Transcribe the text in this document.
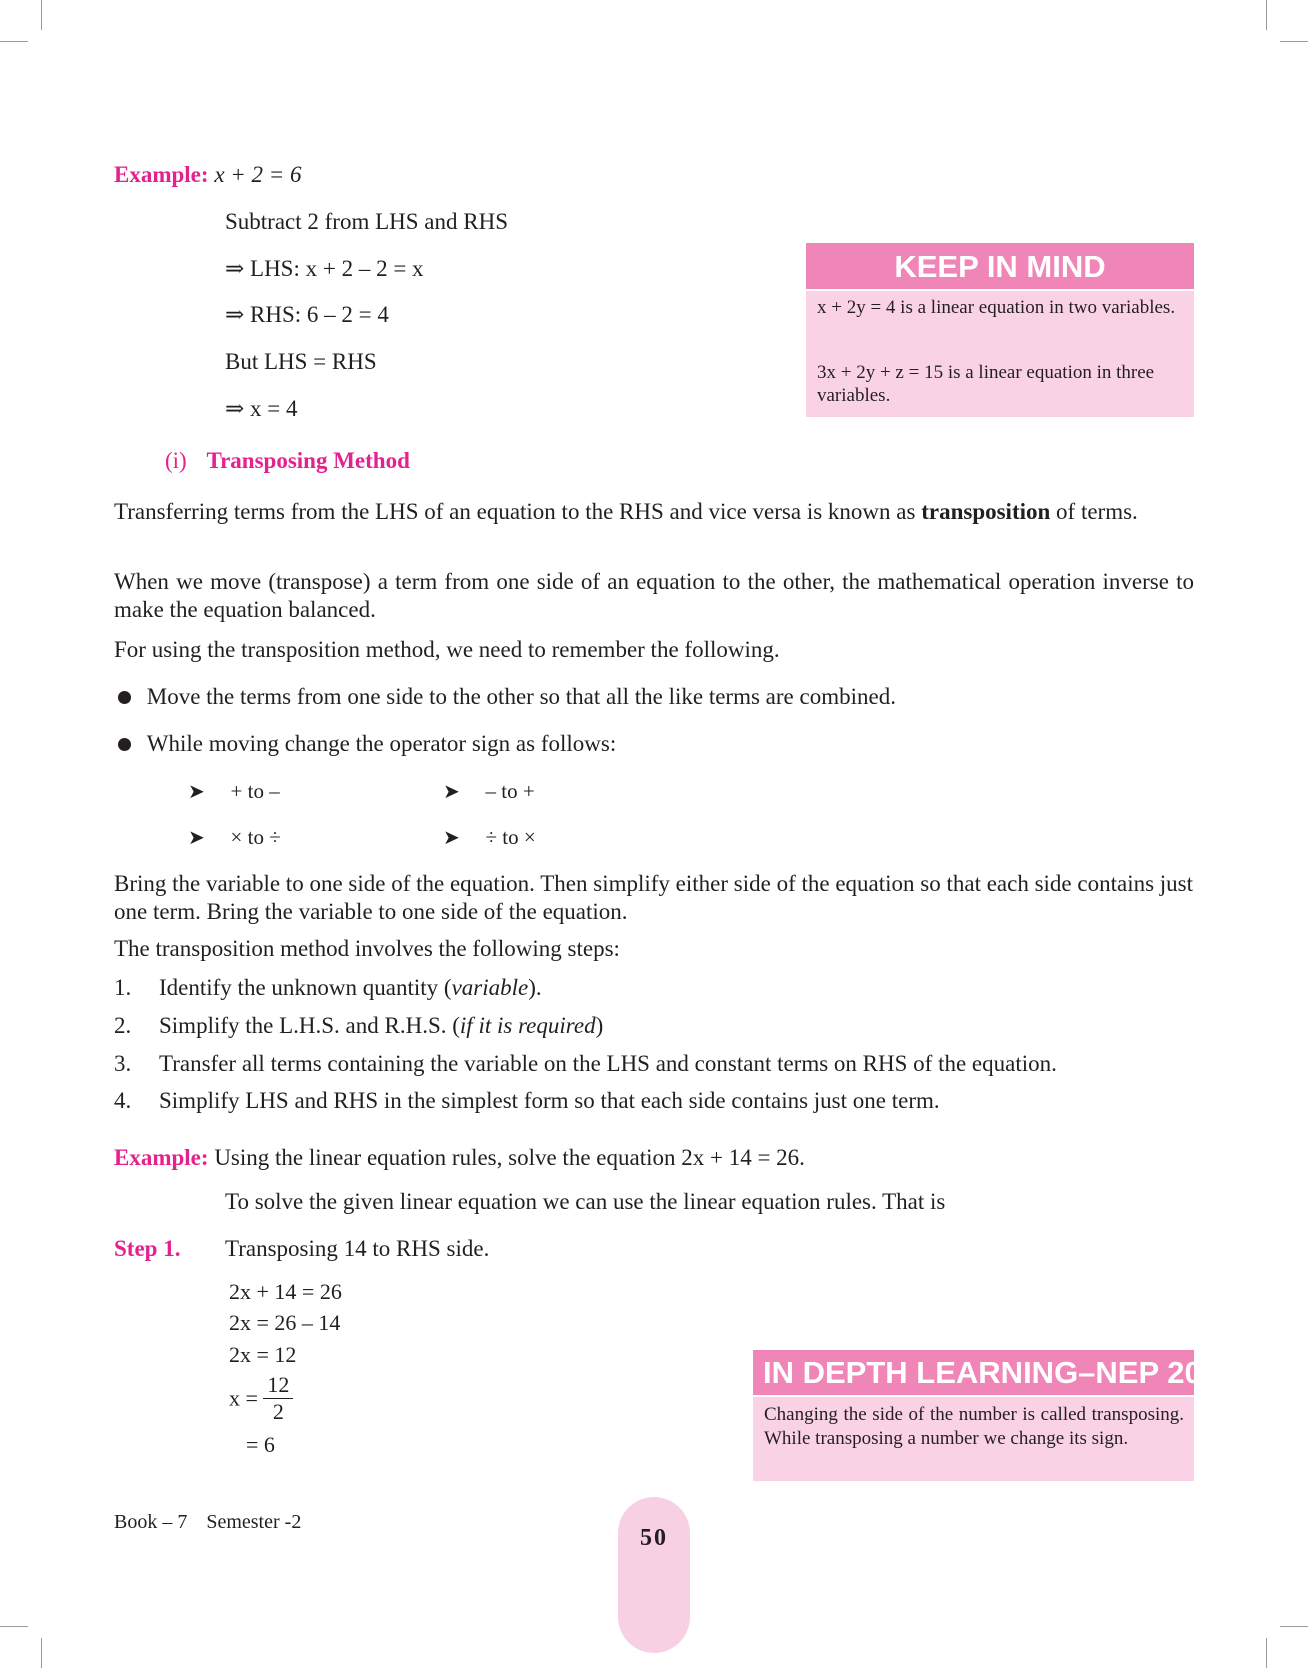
Example: x + 2 = 6
Subtract 2 from LHS and RHS
⇒ LHS: x + 2 – 2 = x
⇒ RHS: 6 – 2 = 4
But LHS = RHS
⇒ x = 4
KEEP IN MIND
x + 2y = 4 is a linear equation in two variables.
3x + 2y + z = 15 is a linear equation in three variables.
(i) Transposing Method
Transferring terms from the LHS of an equation to the RHS and vice versa is known as transposition of terms.
When we move (transpose) a term from one side of an equation to the other, the mathematical operation inverse to make the equation balanced.
For using the transposition method, we need to remember the following.
Move the terms from one side to the other so that all the like terms are combined.
While moving change the operator sign as follows:
➤ + to –	➤ – to +
➤ × to ÷	➤ ÷ to ×
Bring the variable to one side of the equation. Then simplify either side of the equation so that each side contains just one term. Bring the variable to one side of the equation.
The transposition method involves the following steps:
1. Identify the unknown quantity (variable).
2. Simplify the L.H.S. and R.H.S. (if it is required)
3. Transfer all terms containing the variable on the LHS and constant terms on RHS of the equation.
4. Simplify LHS and RHS in the simplest form so that each side contains just one term.
Example: Using the linear equation rules, solve the equation 2x + 14 = 26.
To solve the given linear equation we can use the linear equation rules. That is
Step 1. Transposing 14 to RHS side.
2x + 14 = 26
2x = 26 – 14
2x = 12
$x = \frac{12}{2}$
= 6
IN DEPTH LEARNING–NEP 2020
Changing the side of the number is called transposing. While transposing a number we change its sign.
Book – 7 Semester -2
50
